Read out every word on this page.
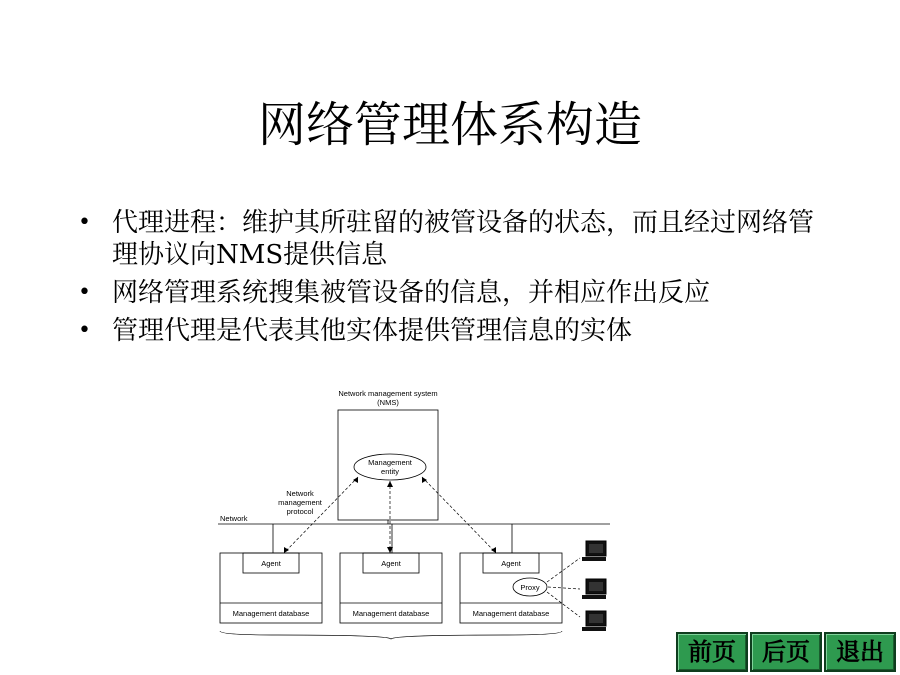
网络管理体系构造
• 代理进程：维护其所驻留的被管设备的状态，而且经过网络管理协议向NMS提供信息
• 网络管理系统搜集被管设备的信息，并相应作出反应
• 管理代理是代表其他实体提供管理信息的实体
Network management system
(NMS)
Management
entity
Network
management
protocol
Network
Agent
Management database
Agent
Management database
Agent
Proxy
Management database
前页	后页	退出
